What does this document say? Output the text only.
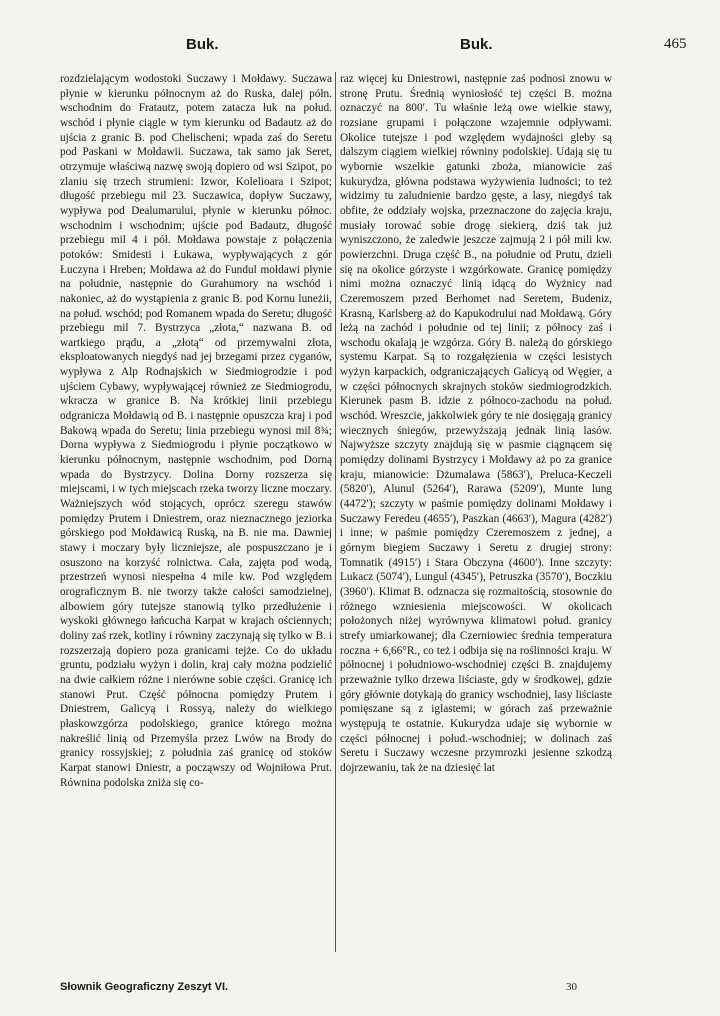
Buk.	Buk.	465

rozdzielającym wodostoki Suczawy i Mołdawy. Suczawa płynie w kierunku północnym aż do Ruska, dalej półn. wschodnim do Fratautz, potem zatacza łuk na połud. wschód i płynie ciągle w tym kierunku od Badautz aż do ujścia z granic B. pod Chelischeni; wpada zaś do Seretu pod Paskani w Mołdawii. Suczawa, tak samo jak Seret, otrzymuje właściwą nazwę swoją dopiero od wsi Szipot, po zlaniu się trzech strumieni: Izwor, Koleliоara i Szipot; długość przebiegu mil 23. Suczawica, dopływ Suczawy, wypływa pod Dealumarului, płynie w kierunku północ. wschodnim i wschodnim; ujście pod Badautz, długość przebiegu mil 4 i pół. Mołdawa powstaje z połączenia potoków: Smidesti i Łukawa, wypływających z gór Łuczyna i Hreben; Mołdawa aż do Fundul mołdawi płynie na południe, następnie do Gurahumory na wschód i nakoniec, aż do wystąpienia z granic B. pod Kornu luneżii, na połud. wschód; pod Romanem wpada do Seretu; długość przebiegu mil 7. Bystrzyca „złota,“ nazwana B. od wartkiego prądu, a „złotą“ od przemywalni złota, eksploatowanych niegdyś nad jej brzegami przez cyganów, wypływa z Alp Rodnajskich w Siedmiogrodzie i pod ujściem Cybawy, wypływającej również ze Siedmiogrodu, wkracza w granice B. Na krótkiej linii przebiegu odgranicza Mołdawią od B. i następnie opuszcza kraj i pod Bakową wpada do Seretu; linia przebiegu wynosi mil 8¾; Dorna wypływa z Siedmiogrodu i płynie początkowo w kierunku północnym, następnie wschodnim, pod Dorną wpada do Bystrzycy. Dolina Dorny rozszerza się miejscami, i w tych miejscach rzeka tworzy liczne moczary. Ważniejszych wód stojących, oprócz szeregu stawów pomiędzy Prutem i Dniestrem, oraz nieznacznego jeziorka górskiego pod Mołdawicą Ruską, na B. nie ma. Dawniej stawy i moczary były liczniejsze, ale pospuszczano je i osuszono na korzyść rolnictwa. Cała, zajęta pod wodą, przestrzeń wynosi niespełna 4 mile kw. Pod względem orograficznym B. nie tworzy także całości samodzielnej, albowiem góry tutejsze stanowią tylko przedłużenie i wyskoki głównego łańcucha Karpat w krajach ościennych; doliny zaś rzek, kotliny i równiny zaczynają się tylko w B. i rozszerzają dopiero poza granicami tejże. Co do układu gruntu, podziału wyżyn i dolin, kraj cały można podzielić na dwie całkiem różne i nierówne sobie części. Granicę ich stanowi Prut. Część północna pomiędzy Prutem i Dniestrem, Galicyą i Rossyą, należy do wielkiego płaskowzgórza podolskiego, granice którego można nakreślić linią od Przemyśla przez Lwów na Brody do granicy rossyjskiej; z południa zaś granicę od stoków Karpat stanowi Dniestr, a począwszy od Wojniłowa Prut. Równina podolska zniża się co-

raz więcej ku Dniestrowi, następnie zaś podnosi znowu w stronę Prutu. Średnią wyniosłość tej części B. można oznaczyć na 800′. Tu właśnie leżą owe wielkie stawy, rozsiane grupami i połączone wzajemnie odpływami. Okolice tutejsze i pod względem wydajności gleby są dalszym ciągiem wielkiej równiny podolskiej. Udają się tu wybornie wszelkie gatunki zboża, mianowicie zaś kukurydza, główna podstawa wyżywienia ludności; to też widzimy tu zaludnienie bardzo gęste, a lasy, niegdyś tak obfite, że oddziały wojska, przeznaczone do zajęcia kraju, musiały torować sobie drogę siekierą, dziś tak już wyniszczono, że zaledwie jeszcze zajmują 2 i pół mili kw. powierzchni. Druga część B., na południe od Prutu, dzieli się na okolice górzyste i wzgórkowate. Granicę pomiędzy nimi można oznaczyć linią idącą do Wyżnicy nad Czeremoszem przed Berhomet nad Seretem, Budeniz, Krasną, Karlsberg aż do Kapukodrului nad Mołdawą. Góry leżą na zachód i południe od tej linii; z północy zaś i wschodu okalają je wzgórza. Góry B. należą do górskiego systemu Karpat. Są to rozgałęzienia w części lesistych wyżyn karpackich, odgraniczających Galicyą od Węgier, a w części północnych skrajnych stoków siedmiogrodzkich. Kierunek pasm B. idzie z północo-zachodu na połud. wschód. Wreszcie, jakkolwiek góry te nie dosięgają granicy wiecznych śniegów, przewyższają jednak linią lasów. Najwyższe szczyty znajdują się w pasmie ciągnącem się pomiędzy dolinami Bystrzycy i Mołdawy aż po za granice kraju, mianowicie: Dżumalawa (5863′), Preluca-Keczeli (5820′), Alunul (5264′), Rarawa (5209′), Munte lung (4472′); szczyty w paśmie pomiędzy dolinami Mołdawy i Suczawy Feredeu (4655′), Paszkan (4663′), Magura (4282′) i inne; w paśmie pomiędzy Czeremoszem z jednej, a górnym biegiem Suczawy i Seretu z drugiej strony: Tomnatik (4915′) i Stara Obczyna (4600′). Inne szczyty: Lukacz (5074′), Lungul (4345′), Petruszka (3570′), Boczkiu (3960′). Klimat B. odznacza się rozmaitością, stosownie do różnego wzniesienia miejscowości. W okolicach położonych niżej wyrównywa klimatowi połud. granicy strefy umiarkowanej; dla Czerniowiec średnia temperatura roczna + 6,66°R., co też i odbija się na roślinności kraju. W północnej i południowo-wschodniej części B. znajdujemy przeważnie tylko drzewa liściaste, gdy w środkowej, gdzie góry głównie dotykają do granicy wschodniej, lasy liściaste pomięszane są z iglastemi; w górach zaś przeważnie występują te ostatnie. Kukurydza udaje się wybornie w części północnej i połud.-wschodniej; w dolinach zaś Seretu i Suczawy wczesne przymrozki jesienne szkodzą dojrzewaniu, tak że na dziesięć lat

Słownik Geograficzny Zeszyt VI.	30
